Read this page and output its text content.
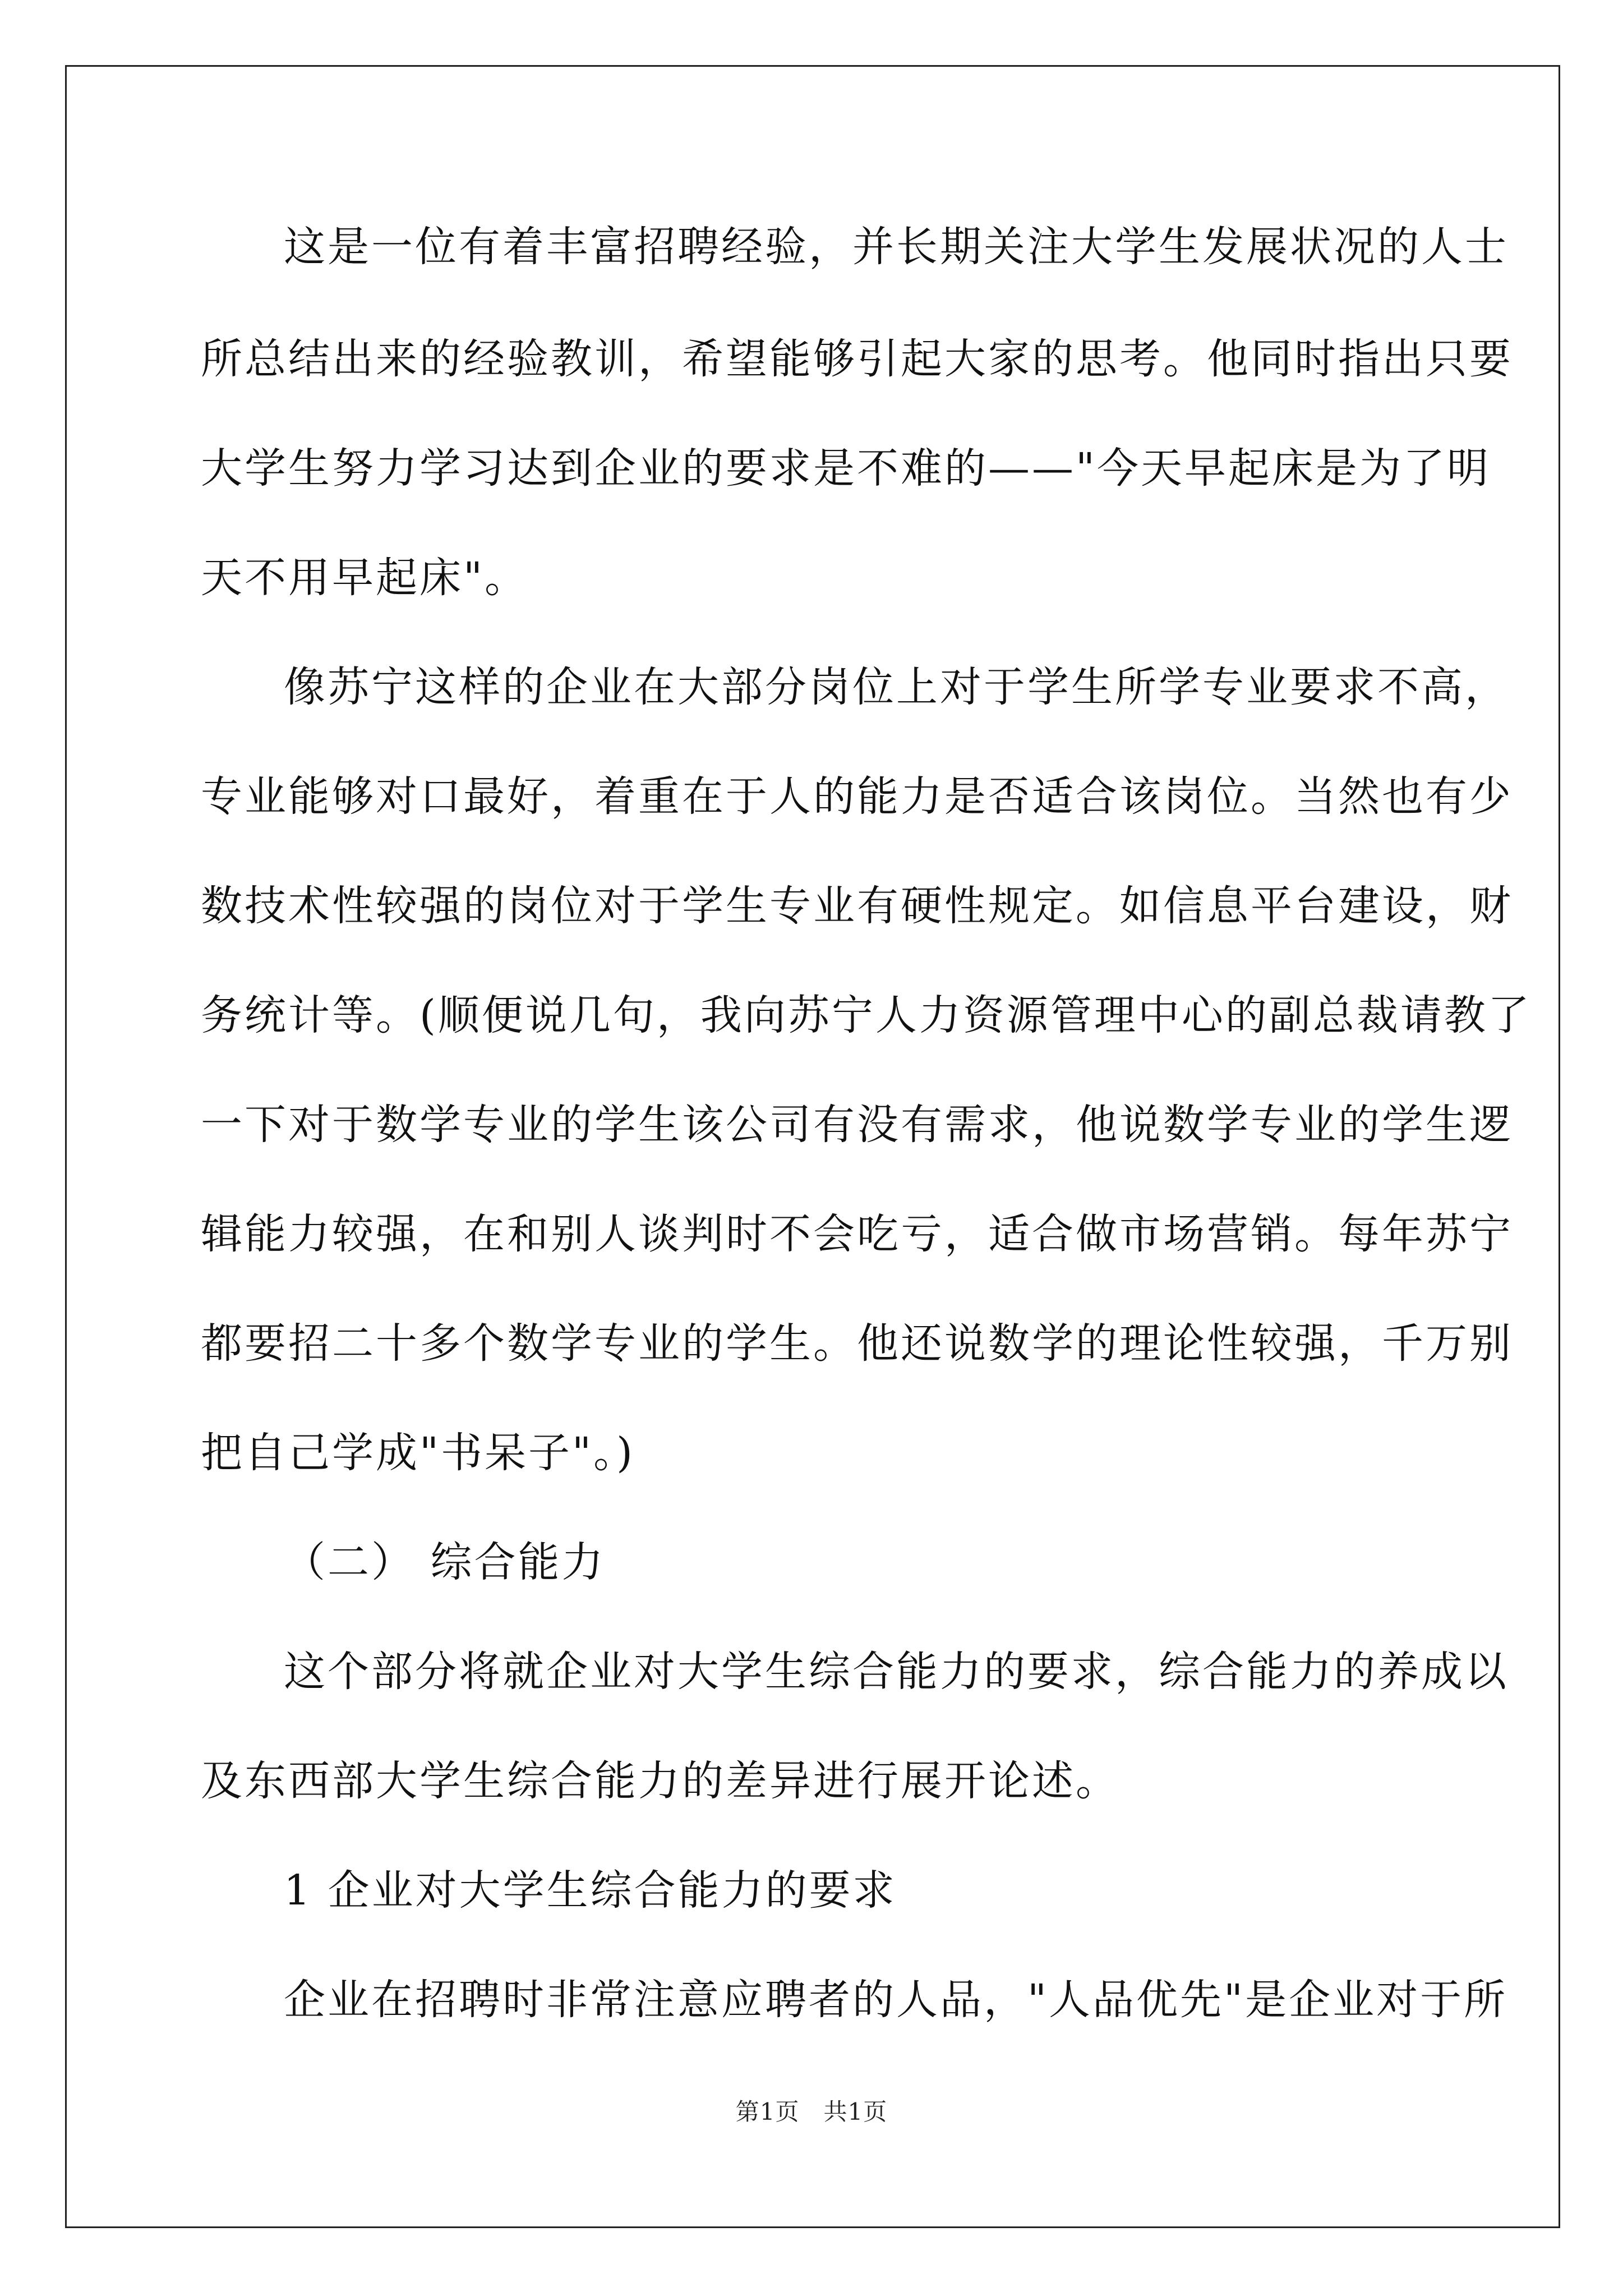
这是一位有着丰富招聘经验，并长期关注大学生发展状况的人士
所总结出来的经验教训，希望能够引起大家的思考。他同时指出只要
大学生努力学习达到企业的要求是不难的——"今天早起床是为了明
天不用早起床"。
像苏宁这样的企业在大部分岗位上对于学生所学专业要求不高，
专业能够对口最好，着重在于人的能力是否适合该岗位。当然也有少
数技术性较强的岗位对于学生专业有硬性规定。如信息平台建设，财
务统计等。(顺便说几句，我向苏宁人力资源管理中心的副总裁请教了
一下对于数学专业的学生该公司有没有需求，他说数学专业的学生逻
辑能力较强，在和别人谈判时不会吃亏，适合做市场营销。每年苏宁
都要招二十多个数学专业的学生。他还说数学的理论性较强，千万别
把自己学成"书呆子"。)
（二） 综合能力
这个部分将就企业对大学生综合能力的要求，综合能力的养成以
及东西部大学生综合能力的差异进行展开论述。
1 企业对大学生综合能力的要求
企业在招聘时非常注意应聘者的人品，"人品优先"是企业对于所
第1页   共1页
